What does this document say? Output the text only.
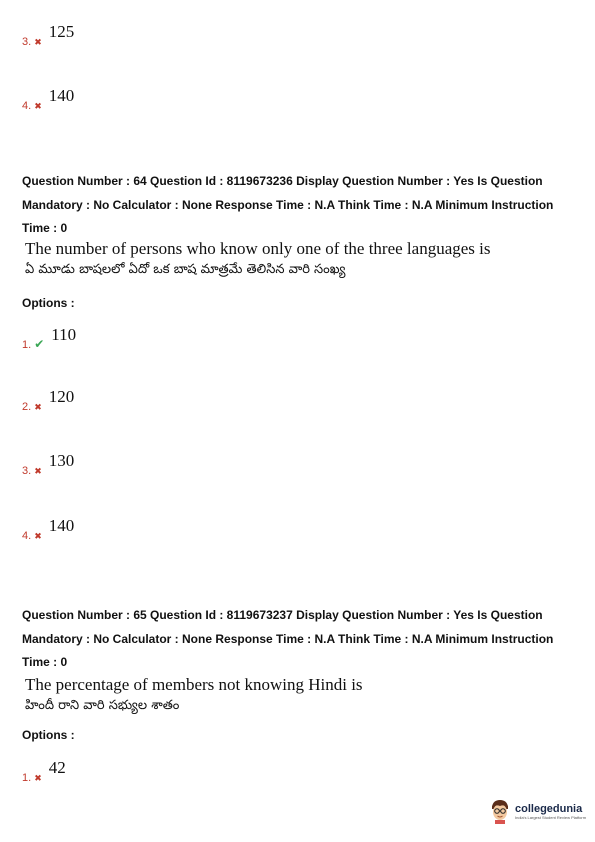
3. ✖
125
4. ✖
140
Question Number : 64 Question Id : 8119673236 Display Question Number : Yes Is Question
Mandatory : No Calculator : None Response Time : N.A Think Time : N.A Minimum Instruction
Time : 0
The number of persons who know only one of the three languages is
ఏ మూడు బాషలలో ఏదో ఒక బాష మాత్రమే తెలిసిన వారి సంఖ్య
Options :
1. ✔ 110
2. ✖
120
3. ✖
130
4. ✖
140
Question Number : 65 Question Id : 8119673237 Display Question Number : Yes Is Question
Mandatory : No Calculator : None Response Time : N.A Think Time : N.A Minimum Instruction
Time : 0
The percentage of members not knowing Hindi is
హిందీ రాని వారి సభ్యుల శాతం
Options :
1. ✖
42
collegedunia
India's Largest Student Review Platform
